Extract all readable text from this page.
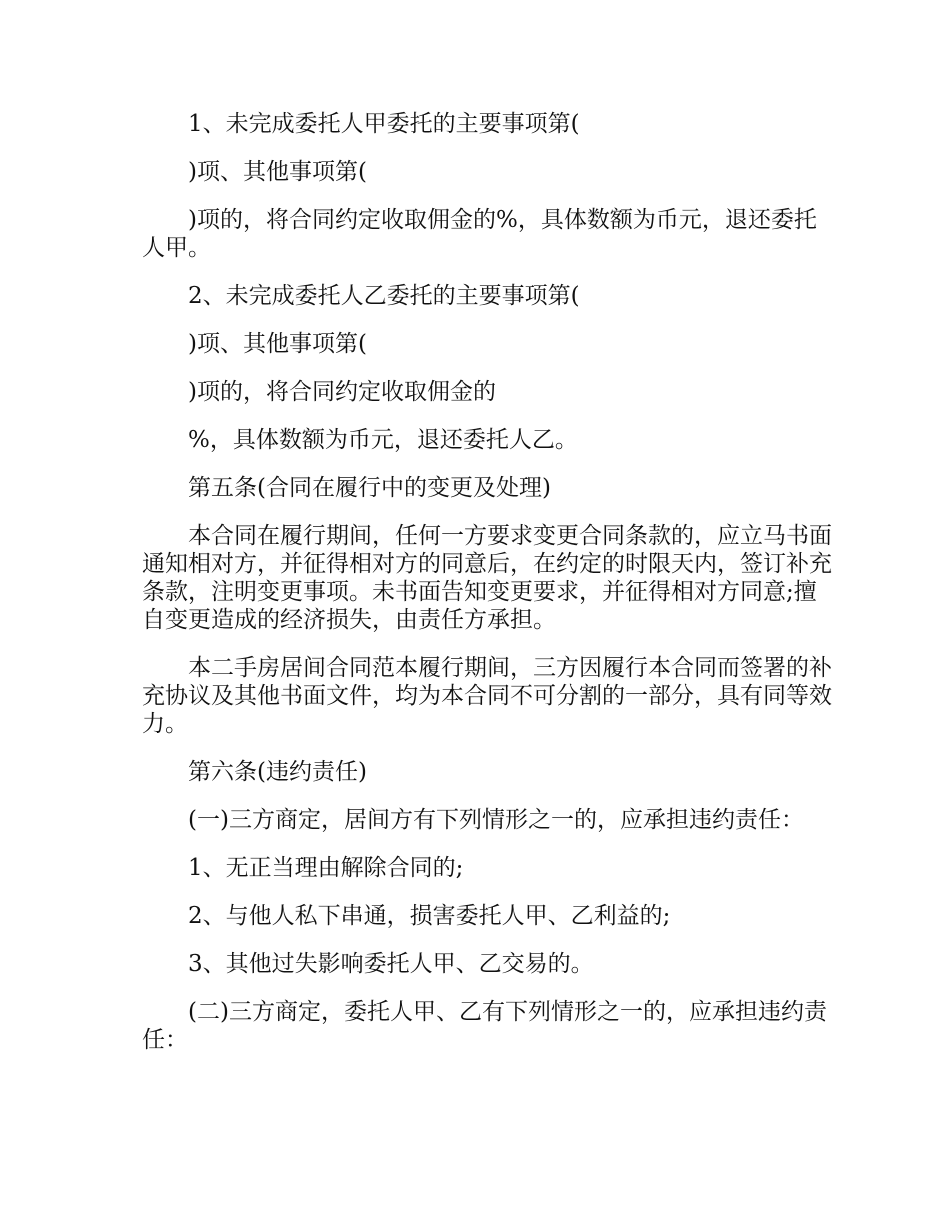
1、未完成委托人甲委托的主要事项第(

)项、其他事项第(

)项的，将合同约定收取佣金的%，具体数额为币元，退还委托人甲。

2、未完成委托人乙委托的主要事项第(

)项、其他事项第(

)项的，将合同约定收取佣金的

%，具体数额为币元，退还委托人乙。

第五条(合同在履行中的变更及处理)

本合同在履行期间，任何一方要求变更合同条款的，应立马书面通知相对方，并征得相对方的同意后，在约定的时限天内，签订补充条款，注明变更事项。未书面告知变更要求，并征得相对方同意;擅自变更造成的经济损失，由责任方承担。

本二手房居间合同范本履行期间，三方因履行本合同而签署的补充协议及其他书面文件，均为本合同不可分割的一部分，具有同等效力。

第六条(违约责任)

(一)三方商定，居间方有下列情形之一的，应承担违约责任：

1、无正当理由解除合同的;

2、与他人私下串通，损害委托人甲、乙利益的;

3、其他过失影响委托人甲、乙交易的。

(二)三方商定，委托人甲、乙有下列情形之一的，应承担违约责任：
